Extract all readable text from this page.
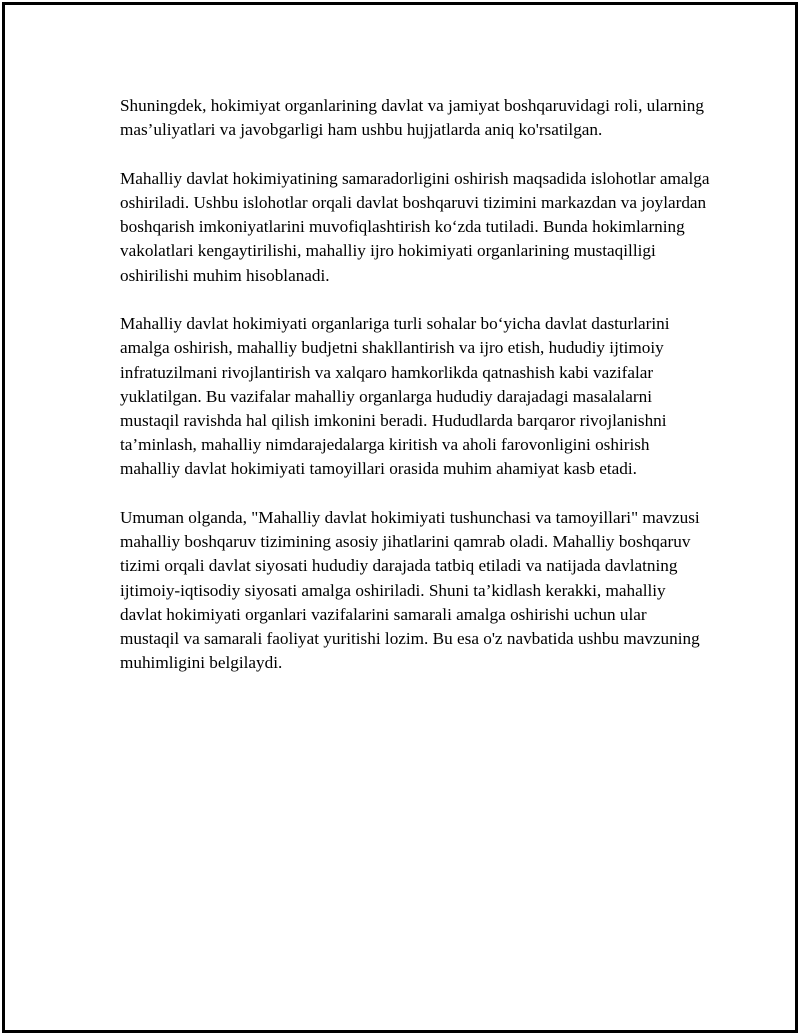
Shuningdek, hokimiyat organlarining davlat va jamiyat boshqaruvidagi roli, ularning mas’uliyatlari va javobgarligi ham ushbu hujjatlarda aniq ko'rsatilgan.

Mahalliy davlat hokimiyatining samaradorligini oshirish maqsadida islohotlar amalga oshiriladi. Ushbu islohotlar orqali davlat boshqaruvi tizimini markazdan va joylardan boshqarish imkoniyatlarini muvofiqlashtirish ko‘zda tutiladi. Bunda hokimlarning vakolatlari kengaytirilishi, mahalliy ijro hokimiyati organlarining mustaqilligi oshirilishi muhim hisoblanadi.

Mahalliy davlat hokimiyati organlariga turli sohalar bo‘yicha davlat dasturlarini amalga oshirish, mahalliy budjetni shakllantirish va ijro etish, hududiy ijtimoiy infratuzilmani rivojlantirish va xalqaro hamkorlikda qatnashish kabi vazifalar yuklatilgan. Bu vazifalar mahalliy organlarga hududiy darajadagi masalalarni mustaqil ravishda hal qilish imkonini beradi. Hududlarda barqaror rivojlanishni ta’minlash, mahalliy nimdarajedalarga kiritish va aholi farovonligini oshirish mahalliy davlat hokimiyati tamoyillari orasida muhim ahamiyat kasb etadi.

Umuman olganda, "Mahalliy davlat hokimiyati tushunchasi va tamoyillari" mavzusi mahalliy boshqaruv tizimining asosiy jihatlarini qamrab oladi. Mahalliy boshqaruv tizimi orqali davlat siyosati hududiy darajada tatbiq etiladi va natijada davlatning ijtimoiy-iqtisodiy siyosati amalga oshiriladi. Shuni ta’kidlash kerakki, mahalliy davlat hokimiyati organlari vazifalarini samarali amalga oshirishi uchun ular mustaqil va samarali faoliyat yuritishi lozim. Bu esa o'z navbatida ushbu mavzuning muhimligini belgilaydi.
